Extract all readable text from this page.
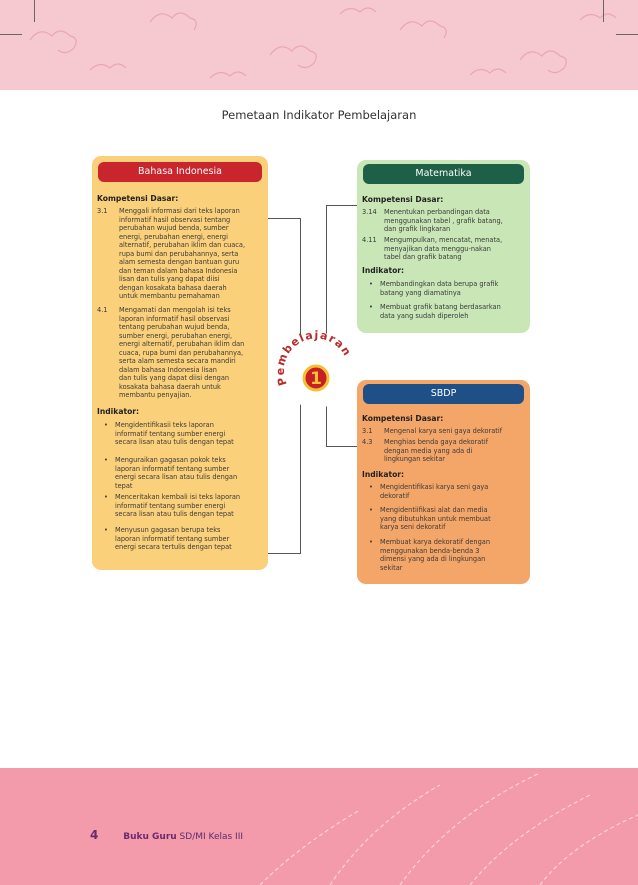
Pemetaan Indikator Pembelajaran
Bahasa Indonesia
Kompetensi Dasar:
3.1 Menggali informasi dari teks laporan
informatif hasil observasi tentang
perubahan wujud benda, sumber
energi, perubahan energi, energi
alternatif, perubahan iklim dan cuaca,
rupa bumi dan perubahannya, serta
alam semesta dengan bantuan guru
dan teman dalam bahasa Indonesia
lisan dan tulis yang dapat diisi
dengan kosakata bahasa daerah
untuk membantu pemahaman
4.1 Mengamati dan mengolah isi teks
laporan informatif hasil observasi
tentang perubahan wujud benda,
sumber energi, perubahan energi,
energi alternatif, perubahan iklim dan
cuaca, rupa bumi dan perubahannya,
serta alam semesta secara mandiri
dalam bahasa Indonesia lisan
dan tulis yang dapat diisi dengan
kosakata bahasa daerah untuk
membantu penyajian.
Indikator:
• Mengidentifikasii teks laporan
informatif tentang sumber energi
secara lisan atau tulis dengan tepat
• Menguraikan gagasan pokok teks
laporan informatif tentang sumber
energi secara lisan atau tulis dengan
tepat
• Menceritakan kembali isi teks laporan
informatif tentang sumber energi
secara lisan atau tulis dengan tepat
• Menyusun gagasan berupa teks
laporan informatif tentang sumber
energi secara tertulis dengan tepat
Matematika
Kompetensi Dasar:
3.14 Menentukan perbandingan data
menggunakan tabel , grafik batang,
dan grafik lingkaran
4.11 Mengumpulkan, mencatat, menata,
menyajikan data menggu-nakan
tabel dan grafik batang
Indikator:
• Membandingkan data berupa grafik
batang yang diamatinya
• Membuat grafik batang berdasarkan
data yang sudah diperoleh
SBDP
Kompetensi Dasar:
3.1 Mengenal karya seni gaya dekoratif
4.3 Menghias benda gaya dekoratif
dengan media yang ada di
lingkungan sekitar
Indikator:
• Mengidentifikasi karya seni gaya
dekoratif
• Mengidentiifikasi alat dan media
yang dibutuhkan untuk membuat
karya seni dekoratif
• Membuat karya dekoratif dengan
menggunakan benda-benda 3
dimensi yang ada di lingkungan
sekitar
Pembelajaran
1
4	Buku Guru SD/MI Kelas III
